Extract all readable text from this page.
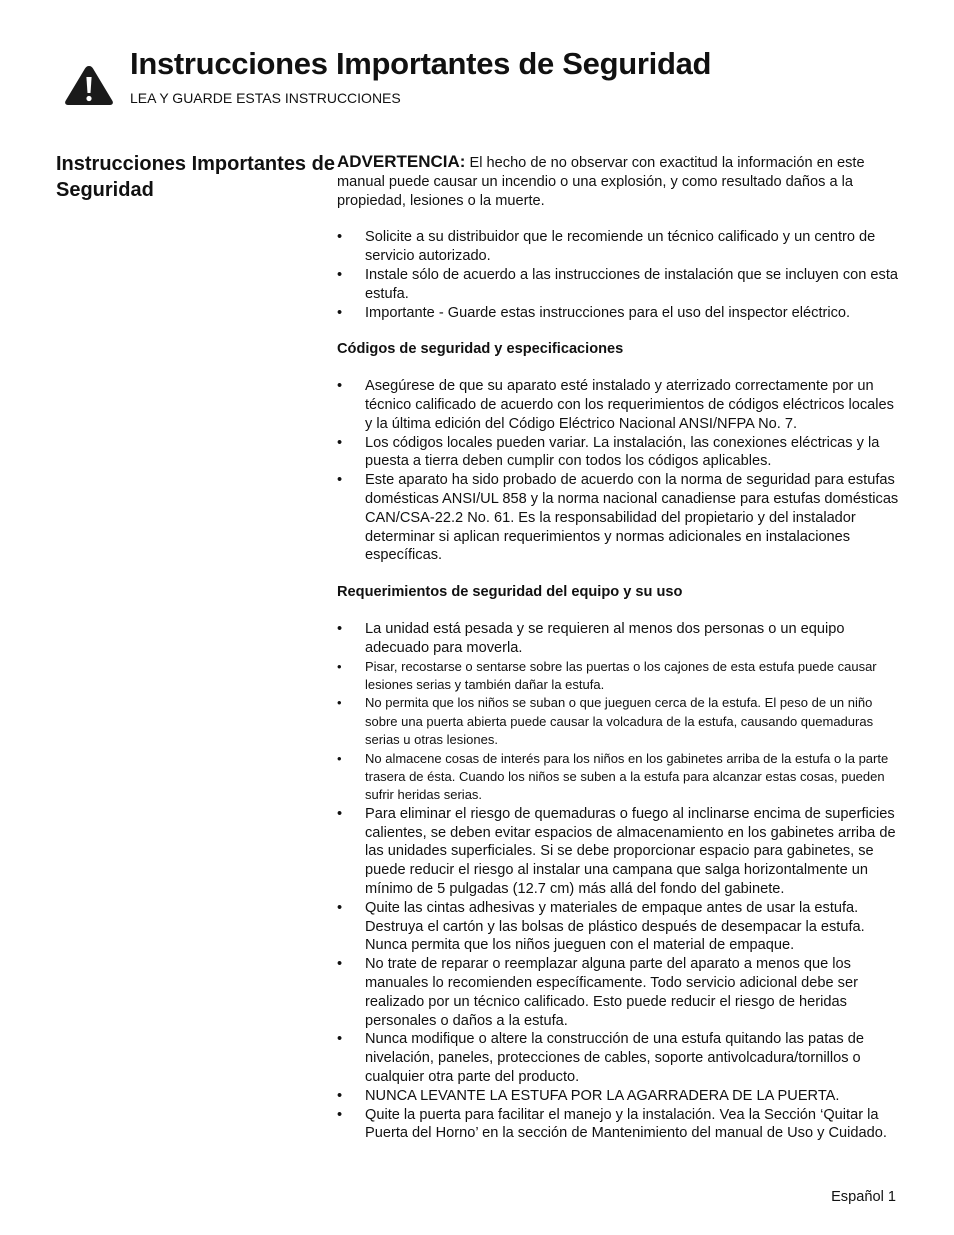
Instrucciones Importantes de Seguridad
LEA Y GUARDE ESTAS INSTRUCCIONES
Instrucciones Importantes de Seguridad

ADVERTENCIA: El hecho de no observar con exactitud la información en este manual puede causar un incendio o una explosión, y como resultado daños a la propiedad, lesiones o la muerte.

• Solicite a su distribuidor que le recomiende un técnico calificado y un centro de servicio autorizado.
• Instale sólo de acuerdo a las instrucciones de instalación que se incluyen con esta estufa.
• Importante - Guarde estas instrucciones para el uso del inspector eléctrico.
Códigos de seguridad y especificaciones
• Asegúrese de que su aparato esté instalado y aterrizado correctamente por un técnico calificado de acuerdo con los requerimientos de códigos eléctricos locales y la última edición del Código Eléctrico Nacional ANSI/NFPA No. 7.
• Los códigos locales pueden variar. La instalación, las conexiones eléctricas y la puesta a tierra deben cumplir con todos los códigos aplicables.
• Este aparato ha sido probado de acuerdo con la norma de seguridad para estufas domésticas ANSI/UL 858 y la norma nacional canadiense para estufas domésticas CAN/CSA-22.2 No. 61. Es la responsabilidad del propietario y del instalador determinar si aplican requerimientos y normas adicionales en instalaciones específicas.
Requerimientos de seguridad del equipo y su uso
• La unidad está pesada y se requieren al menos dos personas o un equipo adecuado para moverla.
• Pisar, recostarse o sentarse sobre las puertas o los cajones de esta estufa puede causar lesiones serias y también dañar la estufa.
• No permita que los niños se suban o que jueguen cerca de la estufa. El peso de un niño sobre una puerta abierta puede causar la volcadura de la estufa, causando quemaduras serias u otras lesiones.
• No almacene cosas de interés para los niños en los gabinetes arriba de la estufa o la parte trasera de ésta. Cuando los niños se suben a la estufa para alcanzar estas cosas, pueden sufrir heridas serias.
• Para eliminar el riesgo de quemaduras o fuego al inclinarse encima de superficies calientes, se deben evitar espacios de almacenamiento en los gabinetes arriba de las unidades superficiales. Si se debe proporcionar espacio para gabinetes, se puede reducir el riesgo al instalar una campana que salga horizontalmente un mínimo de 5 pulgadas (12.7 cm) más allá del fondo del gabinete.
• Quite las cintas adhesivas y materiales de empaque antes de usar la estufa. Destruya el cartón y las bolsas de plástico después de desempacar la estufa. Nunca permita que los niños jueguen con el material de empaque.
• No trate de reparar o reemplazar alguna parte del aparato a menos que los manuales lo recomienden específicamente. Todo servicio adicional debe ser realizado por un técnico calificado. Esto puede reducir el riesgo de heridas personales o daños a la estufa.
• Nunca modifique o altere la construcción de una estufa quitando las patas de nivelación, paneles, protecciones de cables, soporte antivolcadura/tornillos o cualquier otra parte del producto.
• NUNCA LEVANTE LA ESTUFA POR LA AGARRADERA DE LA PUERTA.
• Quite la puerta para facilitar el manejo y la instalación. Vea la Sección ‘Quitar la Puerta del Horno’ en la sección de Mantenimiento del manual de Uso y Cuidado.
Español 1
